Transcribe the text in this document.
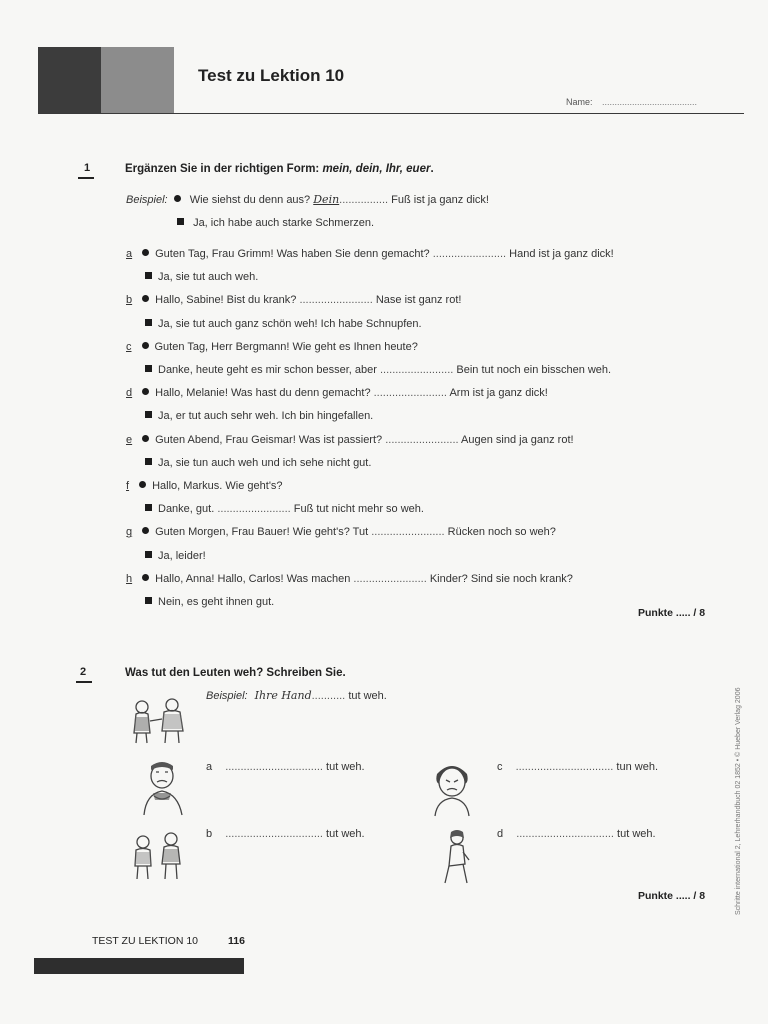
Test zu Lektion 10
Name: ......................................
1	Ergänzen Sie in der richtigen Form: mein, dein, Ihr, euer.
Beispiel: Wie siehst du denn aus? Dein................ Fuß ist ja ganz dick!
Ja, ich habe auch starke Schmerzen.
a Guten Tag, Frau Grimm! Was haben Sie denn gemacht? ........................ Hand ist ja ganz dick!
Ja, sie tut auch weh.
b Hallo, Sabine! Bist du krank? ........................ Nase ist ganz rot!
Ja, sie tut auch ganz schön weh! Ich habe Schnupfen.
c Guten Tag, Herr Bergmann! Wie geht es Ihnen heute?
Danke, heute geht es mir schon besser, aber ........................ Bein tut noch ein bisschen weh.
d Hallo, Melanie! Was hast du denn gemacht? ........................ Arm ist ja ganz dick!
Ja, er tut auch sehr weh. Ich bin hingefallen.
e Guten Abend, Frau Geismar! Was ist passiert? ........................ Augen sind ja ganz rot!
Ja, sie tun auch weh und ich sehe nicht gut.
f Hallo, Markus. Wie geht's?
Danke, gut. ........................ Fuß tut nicht mehr so weh.
g Guten Morgen, Frau Bauer! Wie geht's? Tut ........................ Rücken noch so weh?
Ja, leider!
h Hallo, Anna! Hallo, Carlos! Was machen ........................ Kinder? Sind sie noch krank?
Nein, es geht ihnen gut.
Punkte ..... / 8
2	Was tut den Leuten weh? Schreiben Sie.
Beispiel: Ihre Hand........... tut weh.
a ................................ tut weh.	c ................................ tun weh.
b ................................ tut weh.	d ................................ tut weh.
Punkte ..... / 8	Schritte international 2, Lehrerhandbuch 02 1852 • © Hueber Verlag 2006
TEST ZU LEKTION 10	116
